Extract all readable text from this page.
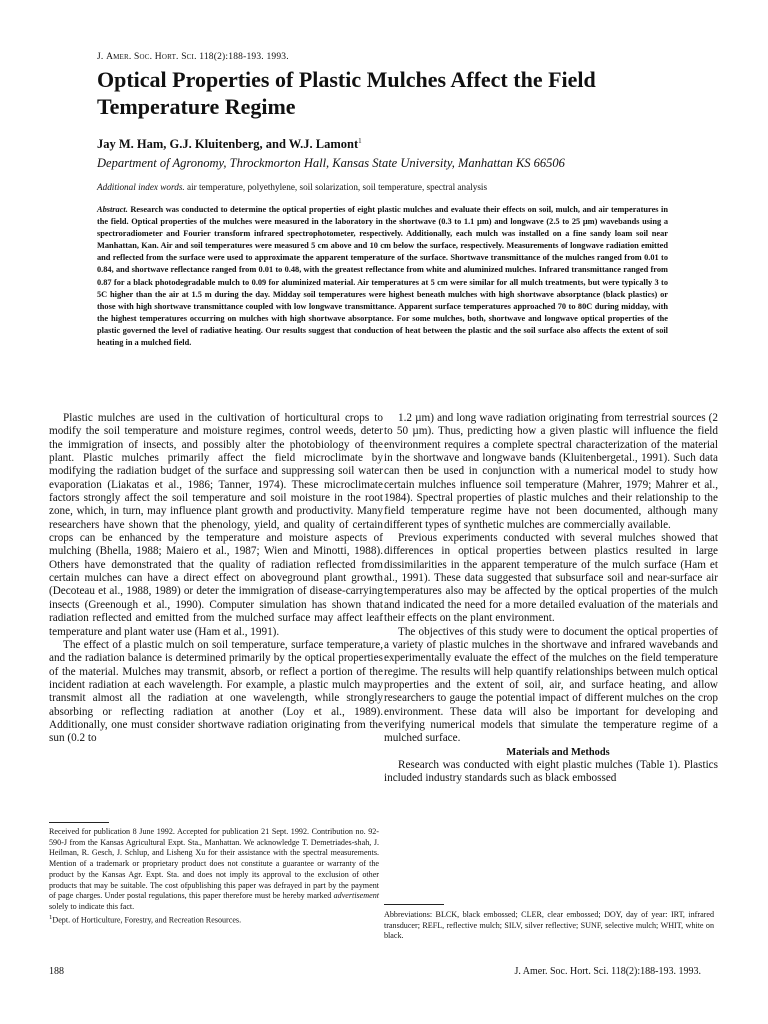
J. Amer. Soc. Hort. Sci. 118(2):188-193. 1993.
Optical Properties of Plastic Mulches Affect the Field Temperature Regime
Jay M. Ham, G.J. Kluitenberg, and W.J. Lamont$^1$
Department of Agronomy, Throckmorton Hall, Kansas State University, Manhattan KS 66506
Additional index words. air temperature, polyethylene, soil solarization, soil temperature, spectral analysis

Abstract. Research was conducted to determine the optical properties of eight plastic mulches and evaluate their effects on soil, mulch, and air temperatures in the field. Optical properties of the mulches were measured in the laboratory in the shortwave (0.3 to 1.1 µm) and longwave (2.5 to 25 µm) wavebands using a spectroradiometer and Fourier transform infrared spectrophotometer, respectively. Additionally, each mulch was installed on a fine sandy loam soil near Manhattan, Kan. Air and soil temperatures were measured 5 cm above and 10 cm below the surface, respectively. Measurements of longwave radiation emitted and reflected from the surface were used to approximate the apparent temperature of the surface. Shortwave transmittance of the mulches ranged from 0.01 to 0.84, and shortwave reflectance ranged from 0.01 to 0.48, with the greatest reflectance from white and aluminized mulches. Infrared transmittance ranged from 0.87 for a black photodegradable mulch to 0.09 for aluminized material. Air temperatures at 5 cm were similar for all mulch treatments, but were typically 3 to 5C higher than the air at 1.5 m during the day. Midday soil temperatures were highest beneath mulches with high shortwave absorptance (black plastics) or those with high shortwave transmittance coupled with low longwave transmittance. Apparent surface temperatures approached 70 to 80C during midday, with the highest temperatures occurring on mulches with high shortwave absorptance. For some mulches, both, shortwave and longwave optical properties of the plastic governed the level of radiative heating. Our results suggest that conduction of heat between the plastic and the soil surface also affects the extent of soil heating in a mulched field.

Plastic mulches are used in the cultivation of horticultural crops to modify the soil temperature and moisture regimes, control weeds, deter the immigration of insects, and possibly alter the photobiology of the plant. Plastic mulches primarily affect the field microclimate by modifying the radiation budget of the surface and suppressing soil water evaporation (Liakatas et al., 1986; Tanner, 1974). These microclimate factors strongly affect the soil temperature and soil moisture in the root zone, which, in turn, may influence plant growth and productivity. Many researchers have shown that the phenology, yield, and quality of certain crops can be enhanced by the temperature and moisture aspects of mulching (Bhella, 1988; Maiero et al., 1987; Wien and Minotti, 1988). Others have demonstrated that the quality of radiation reflected from certain mulches can have a direct effect on aboveground plant growth (Decoteau et al., 1988, 1989) or deter the immigration of disease-carrying insects (Greenough et al., 1990). Computer simulation has shown that radiation reflected and emitted from the mulched surface may affect leaf temperature and plant water use (Ham et al., 1991).

The effect of a plastic mulch on soil temperature, surface temperature, and the radiation balance is determined primarily by the optical properties of the material. Mulches may transmit, absorb, or reflect a portion of the incident radiation at each wavelength. For example, a plastic mulch may transmit almost all the radiation at one wavelength, while strongly absorbing or reflecting radiation at another (Loy et al., 1989). Additionally, one must consider shortwave radiation originating from the sun (0.2 to

1.2 µm) and long wave radiation originating from terrestrial sources (2 to 50 µm). Thus, predicting how a given plastic will influence the field environment requires a complete spectral characterization of the material in the shortwave and longwave bands (Kluitenbergetal., 1991). Such data can then be used in conjunction with a numerical model to study how certain mulches influence soil temperature (Mahrer, 1979; Mahrer et al., 1984). Spectral properties of plastic mulches and their relationship to the field temperature regime have not been documented, although many different types of synthetic mulches are commercially available.

Previous experiments conducted with several mulches showed that differences in optical properties between plastics resulted in large dissimilarities in the apparent temperature of the mulch surface (Ham et al., 1991). These data suggested that subsurface soil and near-surface air temperatures also may be affected by the optical properties of the mulch and indicated the need for a more detailed evaluation of the materials and their effects on the plant environment.

The objectives of this study were to document the optical properties of a variety of plastic mulches in the shortwave and infrared wavebands and experimentally evaluate the effect of the mulches on the field temperature regime. The results will help quantify relationships between mulch optical properties and the extent of soil, air, and surface heating, and allow researchers to gauge the potential impact of different mulches on the crop environment. These data will also be important for developing and verifying numerical models that simulate the temperature regime of a mulched surface.

Materials and Methods

Research was conducted with eight plastic mulches (Table 1). Plastics included industry standards such as black embossed

Received for publication 8 June 1992. Accepted for publication 21 Sept. 1992. Contribution no. 92-590-J from the Kansas Agricultural Expt. Sta., Manhattan. We acknowledge T. Demetriades-shah, J. Heilman, R. Gesch, J. Schlup, and Lisheng Xu for their assistance with the spectral measurements. Mention of a trademark or proprietary product does not constitute a guarantee or warranty of the product by the Kansas Agr. Expt. Sta. and does not imply its approval to the exclusion of other products that may be suitable. The cost ofpublishing this paper was defrayed in part by the payment of page charges. Under postal regulations, this paper therefore must be hereby marked advertisement solely to indicate this fact.

$^1$Dept. of Horticulture, Forestry, and Recreation Resources.

Abbreviations: BLCK, black embossed; CLER, clear embossed; DOY, day of year: IRT, infrared transducer; REFL, reflective mulch; SILV, silver reflective; SUNF, selective mulch; WHIT, white on black.

188	J. Amer. Soc. Hort. Sci. 118(2):188-193. 1993.
